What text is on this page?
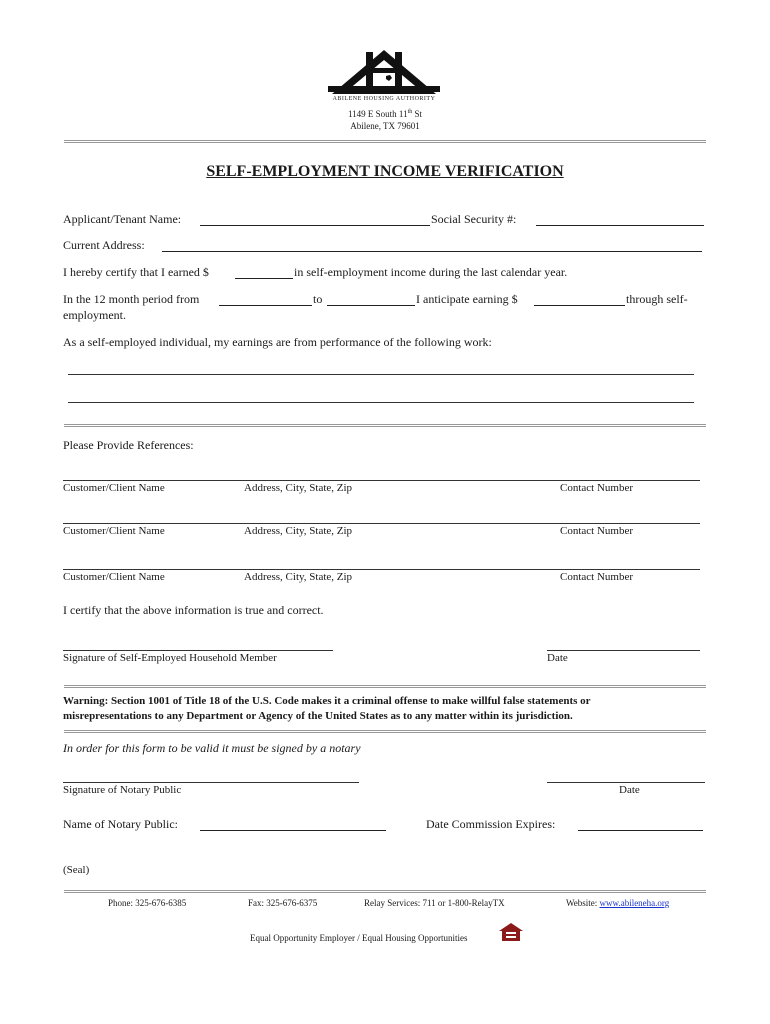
ABILENE HOUSING AUTHORITY
1149 E South 11th St
Abilene, TX 79601
SELF-EMPLOYMENT INCOME VERIFICATION
Applicant/Tenant Name:	Social Security #:
Current Address:
I hereby certify that I earned $	in self-employment income during the last calendar year.
In the 12 month period from	to	I anticipate earning $	through self-
employment.
As a self-employed individual, my earnings are from performance of the following work:
Please Provide References:
Customer/Client Name	Address, City, State, Zip	Contact Number
Customer/Client Name	Address, City, State, Zip	Contact Number
Customer/Client Name	Address, City, State, Zip	Contact Number
I certify that the above information is true and correct.
Signature of Self-Employed Household Member	Date
Warning: Section 1001 of Title 18 of the U.S. Code makes it a criminal offense to make willful false statements or
misrepresentations to any Department or Agency of the United States as to any matter within its jurisdiction.
In order for this form to be valid it must be signed by a notary
Signature of Notary Public	Date
Name of Notary Public:	Date Commission Expires:
(Seal)
Phone: 325-676-6385	Fax: 325-676-6375	Relay Services: 711 or 1-800-RelayTX	Website: www.abileneha.org
Equal Opportunity Employer / Equal Housing Opportunities
